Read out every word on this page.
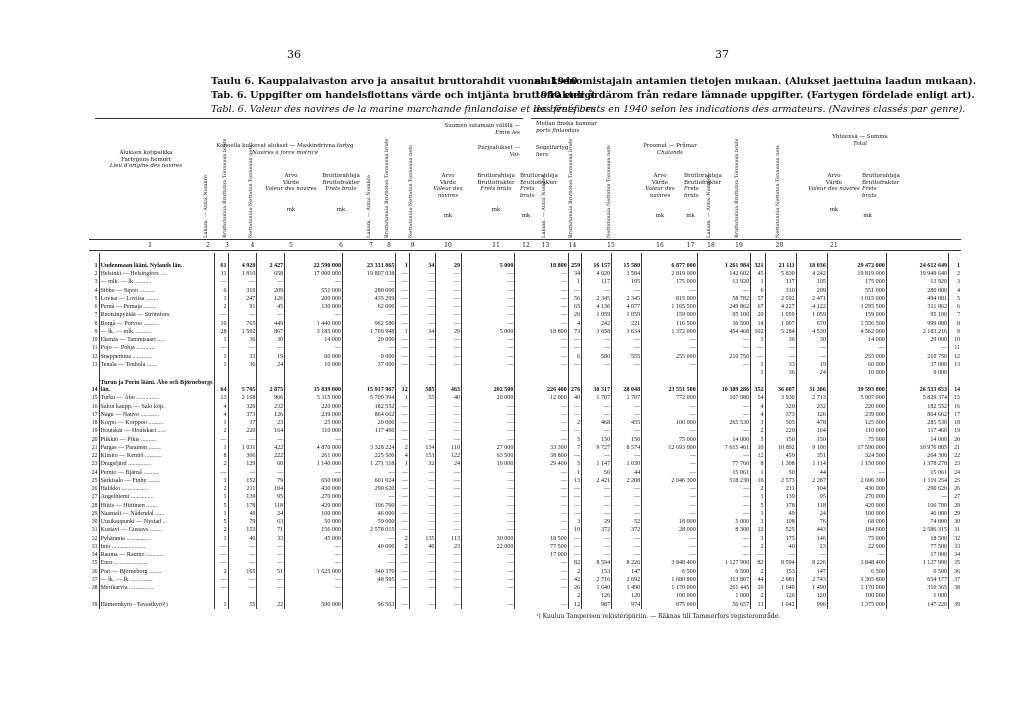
36	37
Taulu 6. Kauppalaivaston arvo ja ansaitut bruttorahdit vuonna 1940
aluksenomistajain antamien tietojen mukaan. (Alukset jaettuina laadun mukaan).
Tab. 6. Uppgifter om handelsflottans värde och intjänta bruttofrakter år
1940 enligt därom från redare lämnade uppgifter. (Fartygen fördelade enligt art).
Tabl. 6. Valeur des navires de la marine marchande finlandaise et les bénéfices
des frets bruts en 1940 selon les indications des armateurs. (Navires classés par genre).
Aluksen kotipaikka
Fartygens hemort
Lieu d'origine des navires
Koneella kulkevat alukset — Maskindrivna fartyg
Navires à force motrice
Suomen satamain välillä —
Emre les
Purjealukset —
Voi-
Mellan finska hamnar
ports finlandais
Segelfartyg
liers
Proomut — Pråmar
Chalands
Yhteensä — Summa
Total
Lukum. — Antal Nombre	Bruttotonnia Bruttoton Tonneaux bruts	Nettotonnia Nettoton Tonneaux nets	Arvo
Värde
Valeur des navires
mk
Bruttorahteja
Bruttofrakter
Frets bruts
mk	Lukum. — Antal Nombre Bruttotonnia Bruttoton Tonneaux bruts	Nettotonnia Nettoton Tonneaux nets	Arvo
Värde
Valeur des navires
mk
Bruttorahteja
Bruttofrakter
Frets bruts
mk
Bruttorahteja
Bruttofrakter
Frets bruts
mk	Lukum. — Antal Nombre	Bruttotonnia Bruttoton Tonneaux bruts	Nettotonnia Nettoton Tonneaux nets	Arvo
Värde
Valeur des navires
mk
Bruttorahteja
Bruttofrakter
Frets bruts
mk	Lukum. — Antal Nombre	Bruttotonnia Bruttoton Tonneaux bruts	Nettotonnia Nettoton Tonneaux nets	Arvo
Värde
Valeur des navires
mk
Bruttorahteja
Bruttofrakter
Frets bruts
mk
1	2	3	4	5	6	7	8	9	10	11	12	13	14	15	16	17	18	19	20	21
1	Uudenmaan lääni. Nylands län.	61	4 920	2 427	22 590 000	23 331 865	1	34	29	5 000	18 800	259	16 157	15 580	6 877 000	1 261 984	321	21 111	18 036	29 472 000	24 612 649	1
2	Helsinki — Helsingfors ....	11	1 810	658	17 000 000	19 807 038	—	—	—	—	—	34	4 020	3 584	2 819 000	142 602	45	5 830	4 242	19 819 000	19 949 640	2
3	— mlk. — lk. ..........	—	—	—	—	—	—	—	—	—	—	1	117	105	175 000	13 920	1	117	105	175 000	13 920	3
4	Sibbo — Sipoo ..........	6	310	209	551 000	280 000	—	—	—	—	—	—	—	—	—	—	6	310	209	551 000	280 000	4
5	Lovisa — Loviisa ........	1	247	126	200 000	435 299	—	—	—	—	—	56	2 345	2 345	815 000	58 782	57	2 592	2 471	1 015 000	494 081	5
6	Pernå — Pernaja ........	2	91	45	130 000	62 000	—	—	—	—	—	65	4 136	4 077	1 165 500	249 862	67	4 227	4 122	1 295 500	311 862	6
7	Rnotsinpyhtää — Strömfors	—	—	—	—	—	—	—	—	—	—	20	1 059	1 059	159 000	95 100	20	1 059	1 059	159 000	95 100	7
8	Borgå — Porvoo ..........	10	765	449	1 440 000	962 580	—	—	—	—	—	4	242	221	116 500	36 500	14	1 007	670	1 556 500	999 080	8
9	— lk. — mlk. ..........	28	1 592	867	3 185 000	1 709 948	1	34	29	5 000	18 800	73	3 658	3 634	1 372 000	454 468	102	5 284	4 530	4 562 000	2 183 216	9
10	Ekenäs — Tammisaari .....	1	36	30	14 000	29 000	—	—	—	—	—	—	—	—	—	—	1	36	30	14 000	29 000	10
11	Pojo — Pohja ............	—	—	—	—	—	—	—	—	—	—	—	—	—	—	—	—	—	—	—	—	11
12	Snappertuna .............	1	33	19	60 000	9 000	—	—	—	—	—	6	580	555	255 000	210 750	—	—	—	255 000	210 750	12
13	Tenala — Tenhola .......	1	36	24	10 000	37 000	—	—	—	—	—	—	—	—	—	—	1	33	19	60 000	37 000	13
																	1	36	24	10 000	9 000	
14	Turun ja Porin lääni. Åbo och Björneborgs län.	64	5 705	2 875	15 839 000	15 917 967	12	585	463	202 500	226 400	276	30 317	28 048	23 551 500	10 389 286	352	36 607	31 386	39 593 000	26 533 653	14
15	Turku — Åbo ...............	13	2 168	966	5 115 000	5 709 394	1	55	40	20 000	12 000	40	1 707	1 707	772 000	107 980	54	3 930	2 713	5 907 000	5 829 374	15
16	Salon kaupp. — Salo köp.	4	320	232	220 000	182 552	—	—	—	—	—	—	—	—	—	—	4	320	232	220 000	182 552	16
17	Nagu — Nauvo ............	4	373	126	239 000	864 662	—	—	—	—	—	—	—	—	—	—	4	373	126	239 000	864 662	17
18	Korpo — Korppoo ..........	1	37	23	25 000	20 000	—	—	—	—	—	2	468	455	100 000	265 530	3	505	478	125 000	285 530	18
19	Houtskär — Houtskari .....	2	220	164	110 000	117 460	—	—	—	—	—	—	—	—	—	—	2	220	164	110 000	117 460	19
20	Piikkiö — Pikis ..........	—	—	—	—	—	—	—	—	—	—	5	150	150	75 000	14 000	5	150	150	75 000	14 000	20
21	Pargas — Parainen ........	1	1 031	422	4 870 000	3 328 224	2	134	110	27 000	33 300	7	9 727	8 574	12 693 000	7 615 461	10	10 892	9 106	17 590 000	10 976 885	21
22	Kimito — Kemiö ...........	8	306	222	261 000	225 500	4	153	122	63 500	38 800	—	—	—	—	—	12	459	351	324 500	264 300	22
23	Dragsfjärd ...............	2	129	60	1 140 000	1 271 118	1	32	24	10 000	29 400	5	1 147	1 030	—	77 760	8	1 308	1 114	1 150 000	1 378 278	23
24	Pernio — Bjärnå ..........	—	—	—	—	—	—	—	—	—	—	1	50	44	—	15 061	1	50	44	—	15 061	24
25	Särkisalo — Finby ........	3	152	79	650 000	601 024	—	—	—	—	—	13	2 421	2 208	2 046 300	518 230	16	2 573	2 287	2 696 300	1 119 254	25
26	Halikko ..................	2	211	104	430 000	290 620	—	—	—	—	—	—	—	—	—	—	2	211	104	430 000	290 620	26
27	Angelniemi ...............	1	139	95	270 000	—	—	—	—	—	—	—	—	—	—	—	1	139	95	270 000	—	27
28	Hiitis — Hiittinen .......	5	178	118	420 000	106 700	—	—	—	—	—	—	—	—	—	—	5	178	118	420 000	106 700	28
29	Naantali — Nådendal ......	1	49	24	100 000	46 000	—	—	—	—	—	—	—	—	—	—	1	49	24	100 000	46 000	29
30	Uusikaupunki — Nystad ..	5	79	63	50 000	59 000	—	—	—	—	—	3	29	52	18 000	5 000	3	108	76	68 000	74 000	30
31	Kustavi — Gustavs ........	2	153	71	156 000	2 578 015	—	—	—	—	—	10	372	372	28 000	8 300	12	525	443	184 000	2 586 315	31
32	Pyhäranta ................	1	40	33	45 000	—	2	135	113	30 000	18 500	—	—	—	—	—	3	175	146	75 000	18 500	32
33	Inio ......................	—	—	—	—	40 000	2	40	23	22 000	77 500	—	—	—	—	—	2	40	23	22 000	77 500	33
34	Rauma — Raumo ............	—	—	—	—	—	—	—	—	—	17 000	—	—	—	—	—	—	—	—	—	17 000	34
35	Eura .......................	—	—	—	—	—	—	—	—	—	—	82	8 594	8 226	3 848 400	1 127 900	82	8 594	8 226	3 848 400	1 127 900	35
36	Pori — Björneborg ........	2	165	51	1 625 000	340 370	—	—	—	—	—	2	153	147	6 500	6 500	2	153	147	6 500	6 500	36
37	— lk. — lk. ..............	—	—	—	—	48 595	—	—	—	—	—	42	2 716	2 692	1 680 800	313 807	44	2 881	2 743	3 305 800	654 177	37
38	Merikarvia ................	—	—	—	—	—	—	—	—	—	—	26	1 640	1 490	1 170 000	261 445	26	1 640	1 490	1 170 000	310 365	38
												2	126	120	100 000	1 000	2	126	120	100 000	1 000	
39	Hämeenkyrö - Tavastkyrö¹)	1	55	22	500 000	96 563	—	—	—	—	—	12	987	974	875 000	50 657	13	1 042	996	1 375 000	147 220	39
¹) Kuuluu Tampereen rekisteripiiriin. — Räknas till Tammerfors registerområde.
